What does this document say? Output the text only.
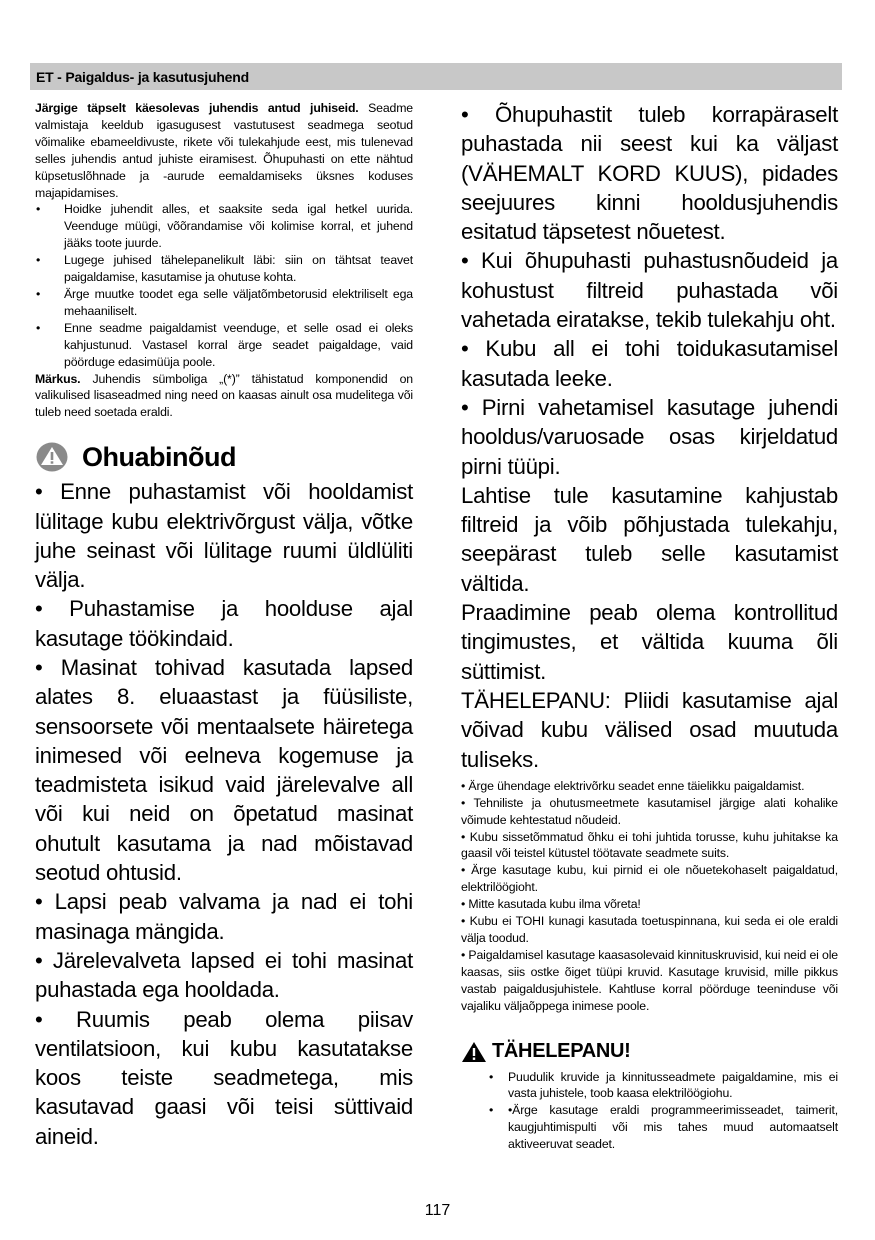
ET - Paigaldus- ja kasutusjuhend

Järgige täpselt käesolevas juhendis antud juhiseid. Seadme valmistaja keeldub igasugusest vastutusest seadmega seotud võimalike ebameeldivuste, rikete või tulekahjude eest, mis tulenevad selles juhendis antud juhiste eiramisest. Õhupuhasti on ette nähtud küpsetuslõhnade ja -aurude eemaldamiseks üksnes koduses majapidamises.

• Hoidke juhendit alles, et saaksite seda igal hetkel uurida. Veenduge müügi, võõrandamise või kolimise korral, et juhend jääks toote juurde.
• Lugege juhised tähelepanelikult läbi: siin on tähtsat teavet paigaldamise, kasutamise ja ohutuse kohta.
• Ärge muutke toodet ega selle väljatõmbetorusid elektriliselt ega mehaaniliselt.
• Enne seadme paigaldamist veenduge, et selle osad ei oleks kahjustunud. Vastasel korral ärge seadet paigaldage, vaid pöörduge edasimüüja poole.

Märkus. Juhendis sümboliga „(*)” tähistatud komponendid on valikulised lisaseadmed ning need on kaasas ainult osa mudelitega või tuleb need soetada eraldi.

Ohuabinõud

• Enne puhastamist või hooldamist lülitage kubu elektrivõrgust välja, võtke juhe seinast või lülitage ruumi üldlüliti välja.

• Puhastamise ja hoolduse ajal kasutage töökindaid.

• Masinat tohivad kasutada lapsed alates 8. eluaastast ja füüsiliste, sensoorsete või mentaalsete häiretega inimesed või eelneva kogemuse ja teadmisteta isikud vaid järelevalve all või kui neid on õpetatud masinat ohutult kasutama ja nad mõistavad seotud ohtusid.

• Lapsi peab valvama ja nad ei tohi masinaga mängida.

• Järelevalveta lapsed ei tohi masinat puhastada ega hooldada.

• Ruumis peab olema piisav ventilatsioon, kui kubu kasutatakse koos teiste seadmetega, mis kasutavad gaasi või teisi süttivaid aineid.

• Õhupuhastit tuleb korrapäraselt puhastada nii seest kui ka väljast (VÄHEMALT KORD KUUS), pidades seejuures kinni hooldusjuhendis esitatud täpsetest nõuetest.

• Kui õhupuhasti puhastusnõudeid ja kohustust filtreid puhastada või vahetada eiratakse, tekib tulekahju oht.

• Kubu all ei tohi toidukasutamisel kasutada leeke.

• Pirni vahetamisel kasutage juhendi hooldus/varuosade osas kirjeldatud pirni tüüpi.

Lahtise tule kasutamine kahjustab filtreid ja võib põhjustada tulekahju, seepärast tuleb selle kasutamist vältida.

Praadimine peab olema kontrollitud tingimustes, et vältida kuuma õli süttimist.

TÄHELEPANU: Pliidi kasutamise ajal võivad kubu välised osad muutuda tuliseks.

• Ärge ühendage elektrivõrku seadet enne täielikku paigaldamist.

• Tehniliste ja ohutusmeetmete kasutamisel järgige alati kohalike võimude kehtestatud nõudeid.

• Kubu sissetõmmatud õhku ei tohi juhtida torusse, kuhu juhitakse ka gaasil või teistel kütustel töötavate seadmete suits.

• Ärge kasutage kubu, kui pirnid ei ole nõuetekohaselt paigaldatud, elektrilöögioht.

• Mitte kasutada kubu ilma võreta!

• Kubu ei TOHI kunagi kasutada toetuspinnana, kui seda ei ole eraldi välja toodud.

• Paigaldamisel kasutage kaasasolevaid kinnituskruvisid, kui neid ei ole kaasas, siis ostke õiget tüüpi kruvid. Kasutage kruvisid, mille pikkus vastab paigaldusjuhistele. Kahtluse korral pöörduge teeninduse või vajaliku väljaõppega inimese poole.

TÄHELEPANU!
• Puudulik kruvide ja kinnitusseadmete paigaldamine, mis ei vasta juhistele, toob kaasa elektrilöögiohu.
• •Ärge kasutage eraldi programmeerimisseadet, taimerit, kaugjuhtimispulti või mis tahes muud automaatselt aktiveeruvat seadet.
117
